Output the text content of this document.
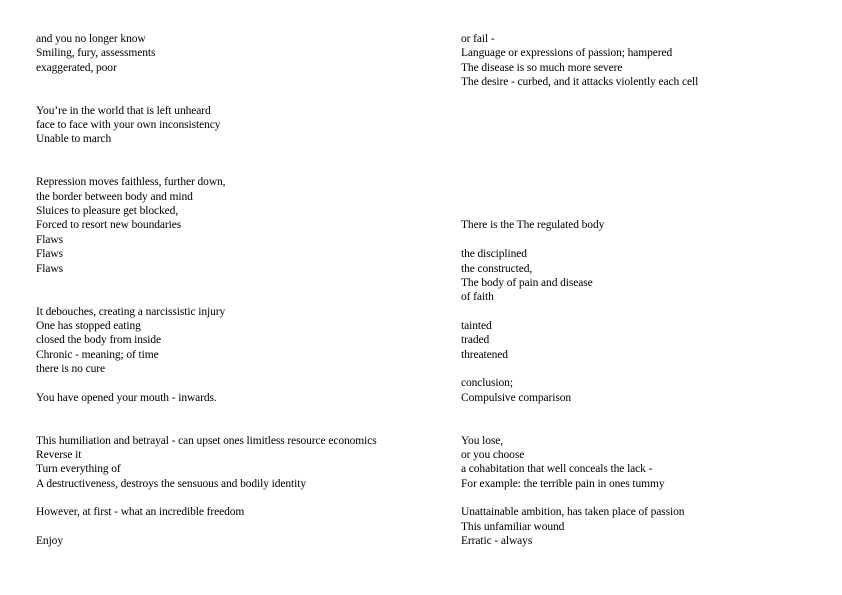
and you no longer know
Smiling, fury, assessments
exaggerated, poor

You’re in the world that is left unheard
face to face with your own inconsistency
Unable to march

Repression moves faithless, further down,
the border between body and mind
Sluices to pleasure get blocked,
Forced to resort new boundaries
Flaws
Flaws
Flaws

It debouches, creating a narcissistic injury
One has stopped eating
closed the body from inside
Chronic - meaning; of time
there is no cure

You have opened your mouth - inwards.

This humiliation and betrayal - can upset ones limitless resource economics
Reverse it
Turn everything of
A destructiveness, destroys the sensuous and bodily identity

However, at first - what an incredible freedom

Enjoy
or fail -
Language or expressions of passion; hampered
The disease is so much more severe
The desire - curbed, and it attacks violently each cell

There is the The regulated body

the disciplined
the constructed,
The body of pain and disease
of faith

tainted
traded
threatened

conclusion;
Compulsive comparison

You lose,
or you choose
a cohabitation that well conceals the lack -
For example: the terrible pain in ones tummy

Unattainable ambition, has taken place of passion
This unfamiliar wound
Erratic - always
